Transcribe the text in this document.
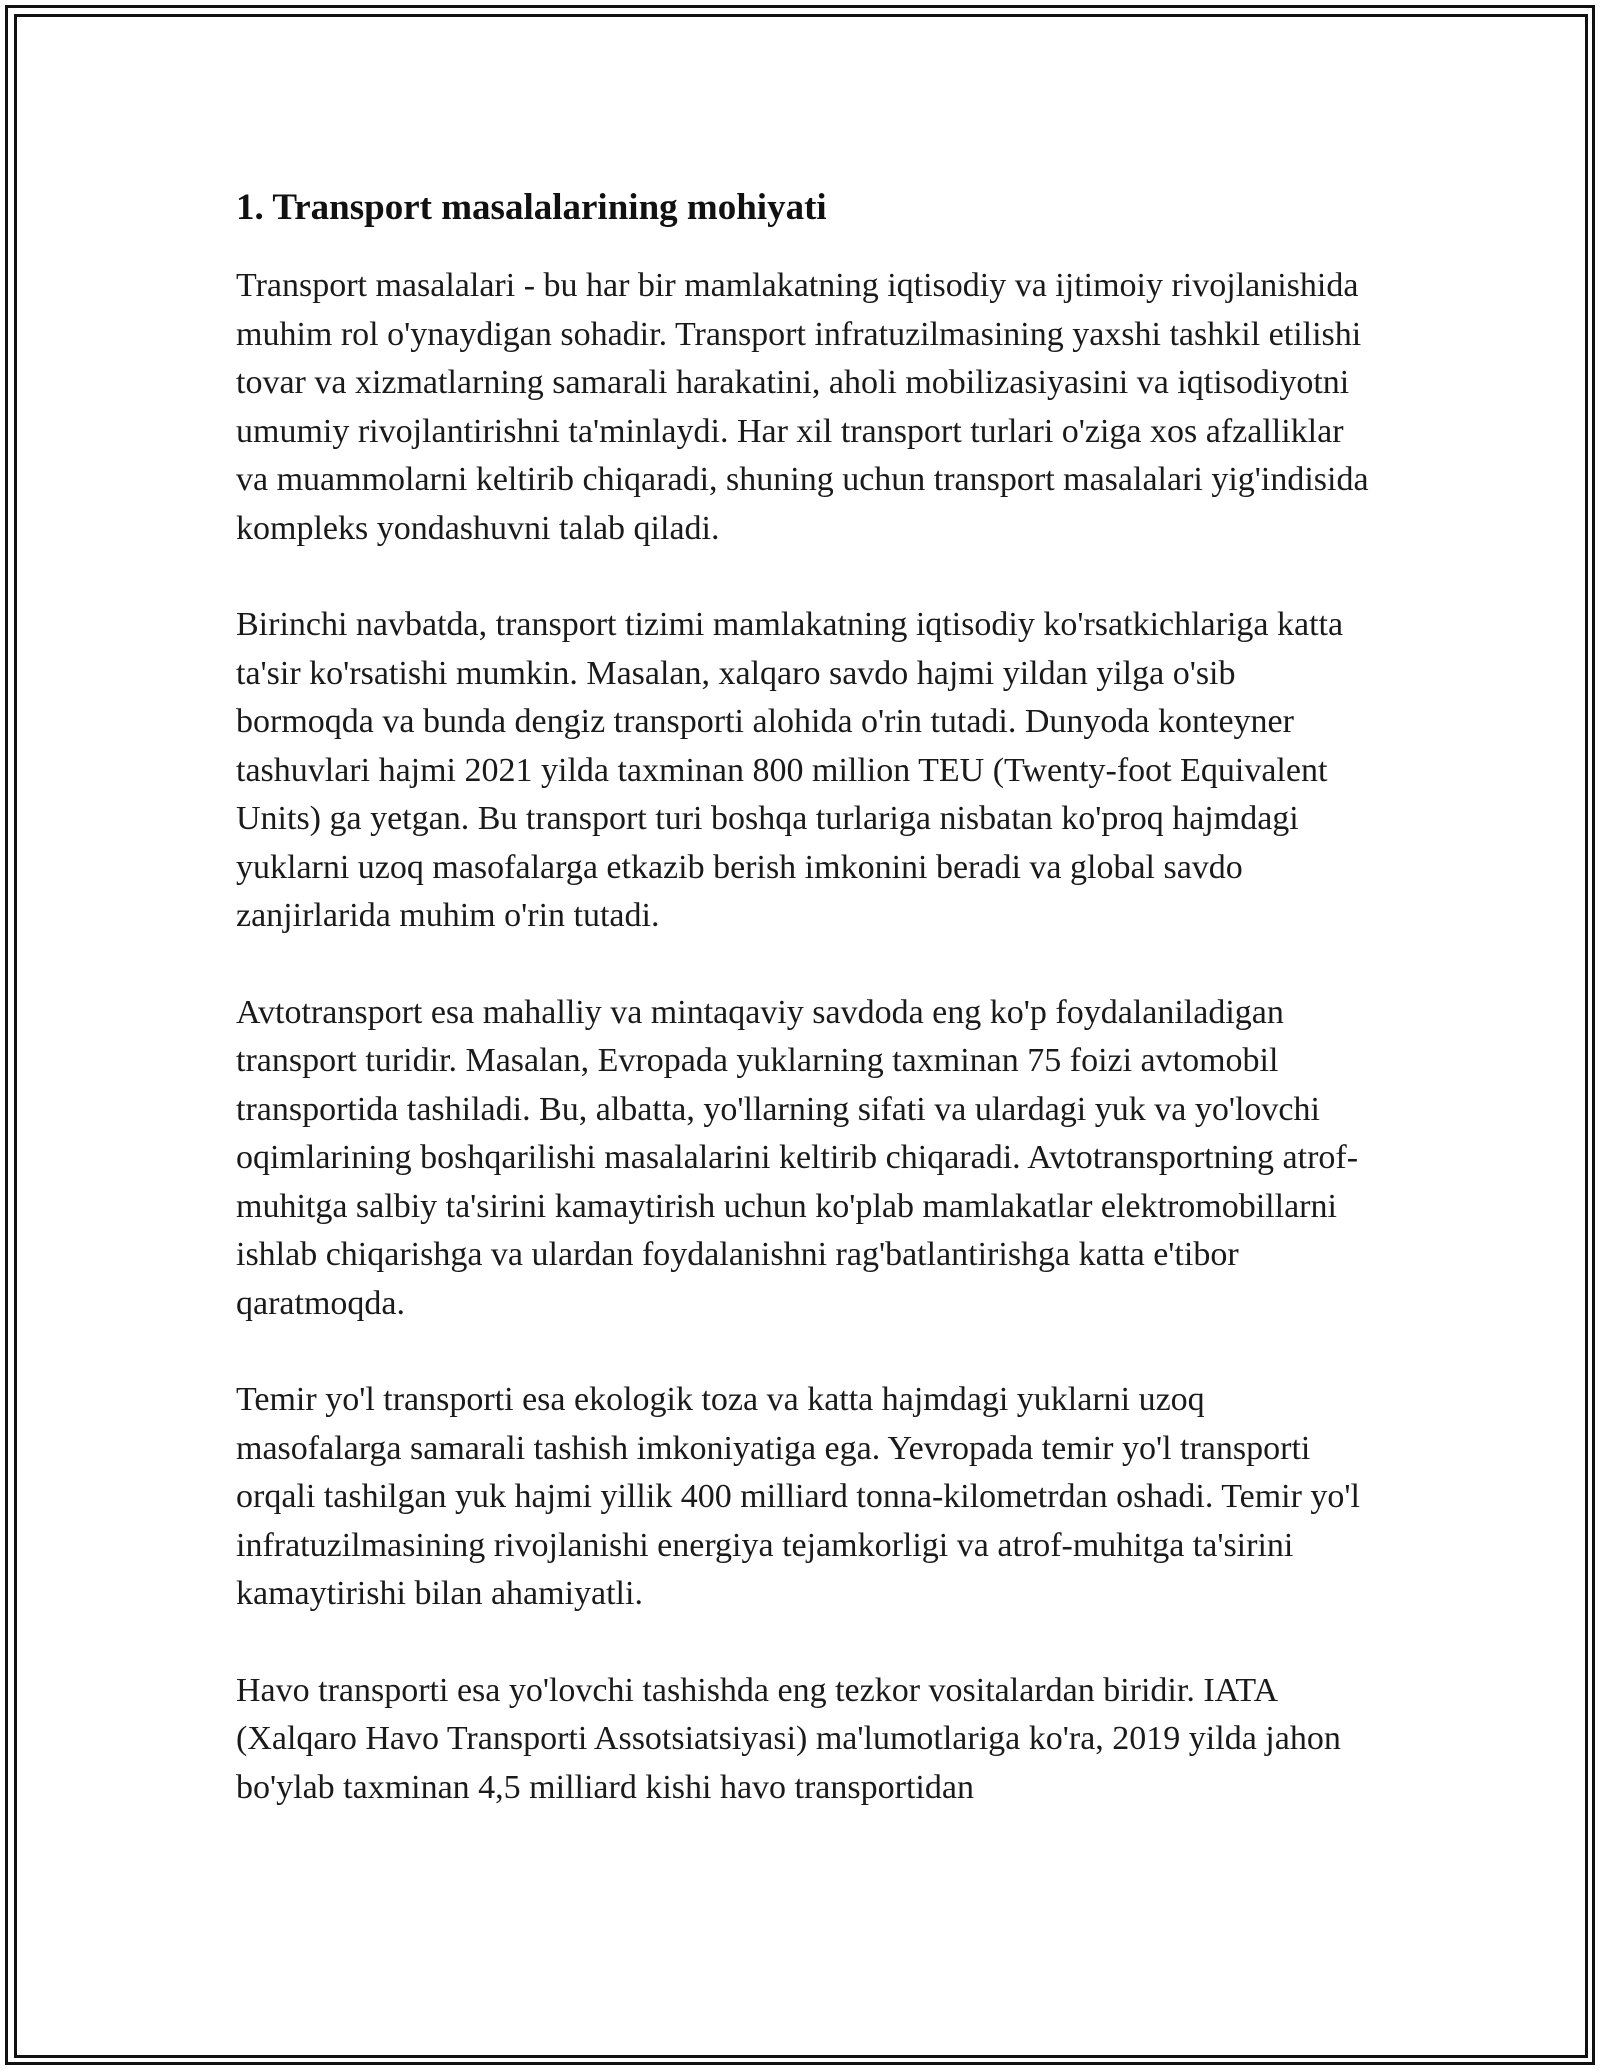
1. Transport masalalarining mohiyati

Transport masalalari - bu har bir mamlakatning iqtisodiy va ijtimoiy rivojlanishida muhim rol o'ynaydigan sohadir. Transport infratuzilmasining yaxshi tashkil etilishi tovar va xizmatlarning samarali harakatini, aholi mobilizasiyasini va iqtisodiyotni umumiy rivojlantirishni ta'minlaydi. Har xil transport turlari o'ziga xos afzalliklar va muammolarni keltirib chiqaradi, shuning uchun transport masalalari yig'indisida kompleks yondashuvni talab qiladi.

Birinchi navbatda, transport tizimi mamlakatning iqtisodiy ko'rsatkichlariga katta ta'sir ko'rsatishi mumkin. Masalan, xalqaro savdo hajmi yildan yilga o'sib bormoqda va bunda dengiz transporti alohida o'rin tutadi. Dunyoda konteyner tashuvlari hajmi 2021 yilda taxminan 800 million TEU (Twenty-foot Equivalent Units) ga yetgan. Bu transport turi boshqa turlariga nisbatan ko'proq hajmdagi yuklarni uzoq masofalarga etkazib berish imkonini beradi va global savdo zanjirlarida muhim o'rin tutadi.

Avtotransport esa mahalliy va mintaqaviy savdoda eng ko'p foydalaniladigan transport turidir. Masalan, Evropada yuklarning taxminan 75 foizi avtomobil transportida tashiladi. Bu, albatta, yo'llarning sifati va ulardagi yuk va yo'lovchi oqimlarining boshqarilishi masalalarini keltirib chiqaradi. Avtotransportning atrof-muhitga salbiy ta'sirini kamaytirish uchun ko'plab mamlakatlar elektromobillarni ishlab chiqarishga va ulardan foydalanishni rag'batlantirishga katta e'tibor qaratmoqda.

Temir yo'l transporti esa ekologik toza va katta hajmdagi yuklarni uzoq masofalarga samarali tashish imkoniyatiga ega. Yevropada temir yo'l transporti orqali tashilgan yuk hajmi yillik 400 milliard tonna-kilometrdan oshadi. Temir yo'l infratuzilmasining rivojlanishi energiya tejamkorligi va atrof-muhitga ta'sirini kamaytirishi bilan ahamiyatli.

Havo transporti esa yo'lovchi tashishda eng tezkor vositalardan biridir. IATA (Xalqaro Havo Transporti Assotsiatsiyasi) ma'lumotlariga ko'ra, 2019 yilda jahon bo'ylab taxminan 4,5 milliard kishi havo transportidan
